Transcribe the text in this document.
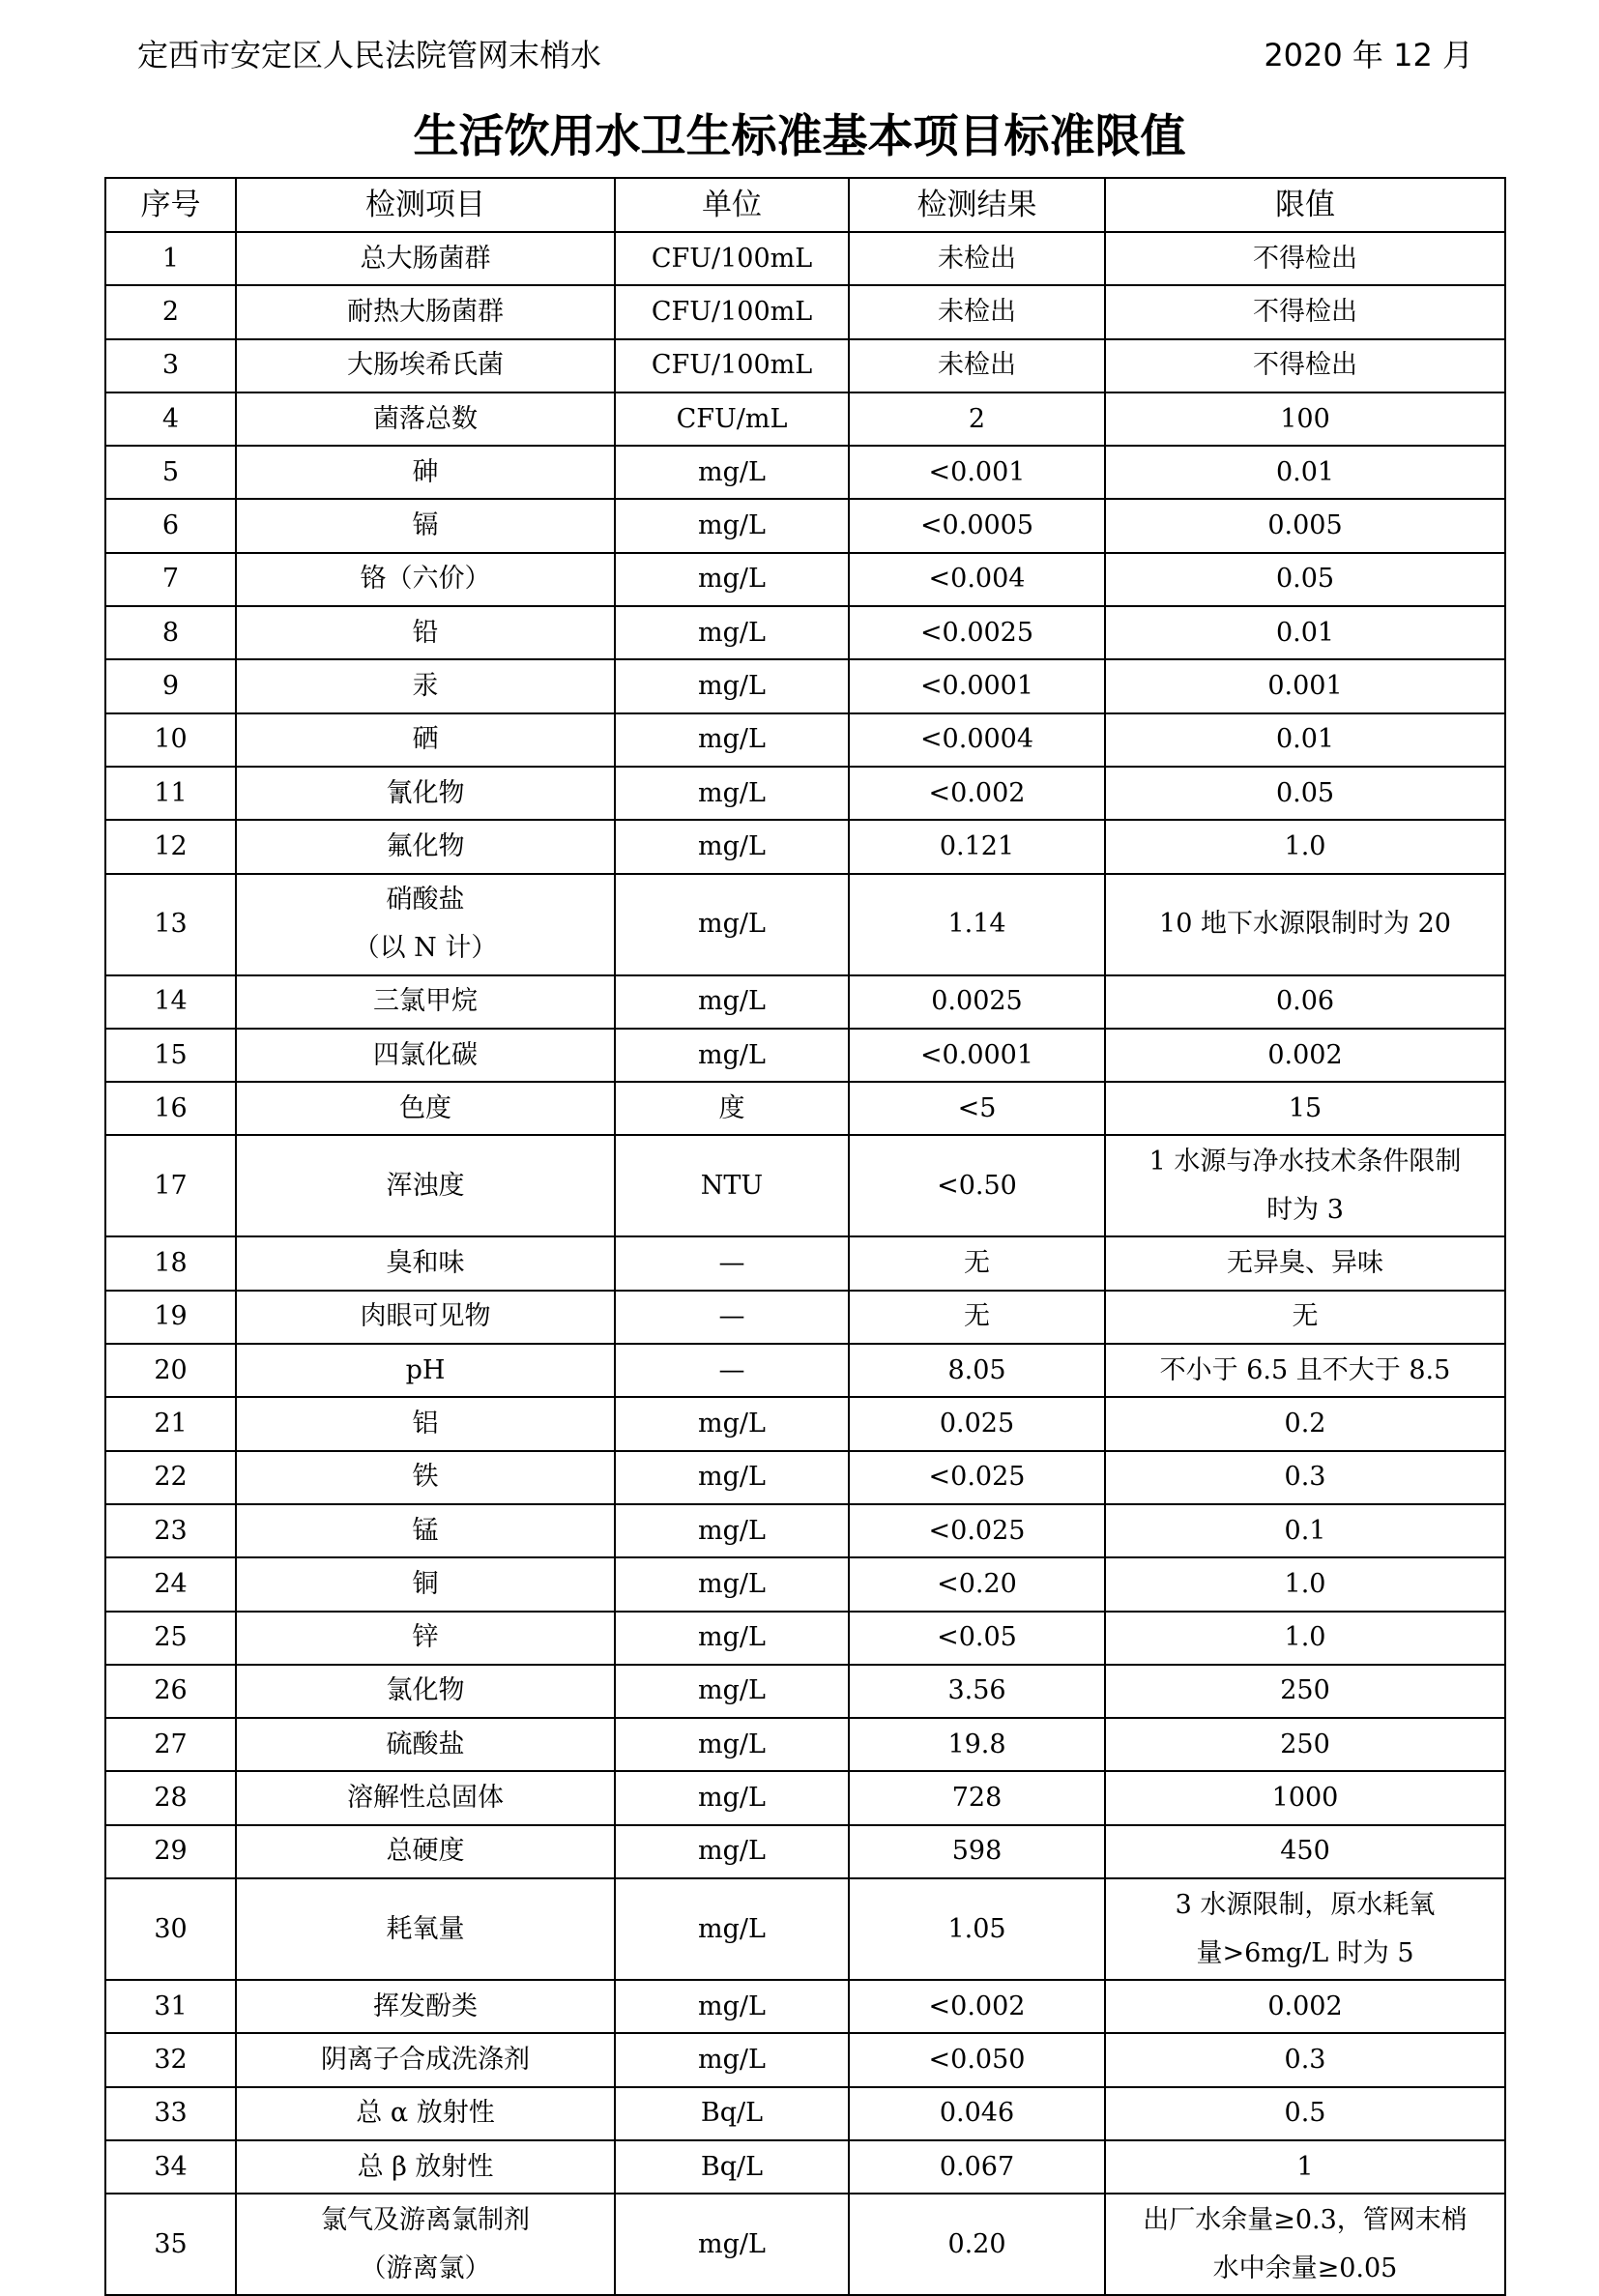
定西市安定区人民法院管网末梢水	2020 年 12 月
生活饮用水卫生标准基本项目标准限值
序号	检测项目	单位	检测结果	限值

1	总大肠菌群	CFU/100mL	未检出	不得检出

2	耐热大肠菌群	CFU/100mL	未检出	不得检出

3	大肠埃希氏菌	CFU/100mL	未检出	不得检出

4	菌落总数	CFU/mL	2	100

5	砷	mg/L	<0.001	0.01

6	镉	mg/L	<0.0005	0.005

7	铬（六价）	mg/L	<0.004	0.05

8	铅	mg/L	<0.0025	0.01

9	汞	mg/L	<0.0001	0.001

10	硒	mg/L	<0.0004	0.01

11	氰化物	mg/L	<0.002	0.05

12	氟化物	mg/L	0.121	1.0

13	硝酸盐
（以 N 计）	mg/L	1.14	10 地下水源限制时为 20

14	三氯甲烷	mg/L	0.0025	0.06

15	四氯化碳	mg/L	<0.0001	0.002

16	色度	度	<5	15

17	浑浊度	NTU	<0.50	1 水源与净水技术条件限制
时为 3

18	臭和味	—	无	无异臭、异味

19	肉眼可见物	—	无	无

20	pH	—	8.05	不小于 6.5 且不大于 8.5

21	铝	mg/L	0.025	0.2

22	铁	mg/L	<0.025	0.3

23	锰	mg/L	<0.025	0.1

24	铜	mg/L	<0.20	1.0

25	锌	mg/L	<0.05	1.0

26	氯化物	mg/L	3.56	250

27	硫酸盐	mg/L	19.8	250

28	溶解性总固体	mg/L	728	1000

29	总硬度	mg/L	598	450

30	耗氧量	mg/L	1.05	3 水源限制，原水耗氧
量>6mg/L 时为 5

31	挥发酚类	mg/L	<0.002	0.002

32	阴离子合成洗涤剂	mg/L	<0.050	0.3

33	总 α 放射性	Bq/L	0.046	0.5

34	总 β 放射性	Bq/L	0.067	1

35	氯气及游离氯制剂
（游离氯）	mg/L	0.20	出厂水余量≥0.3，管网末梢
水中余量≥0.05
